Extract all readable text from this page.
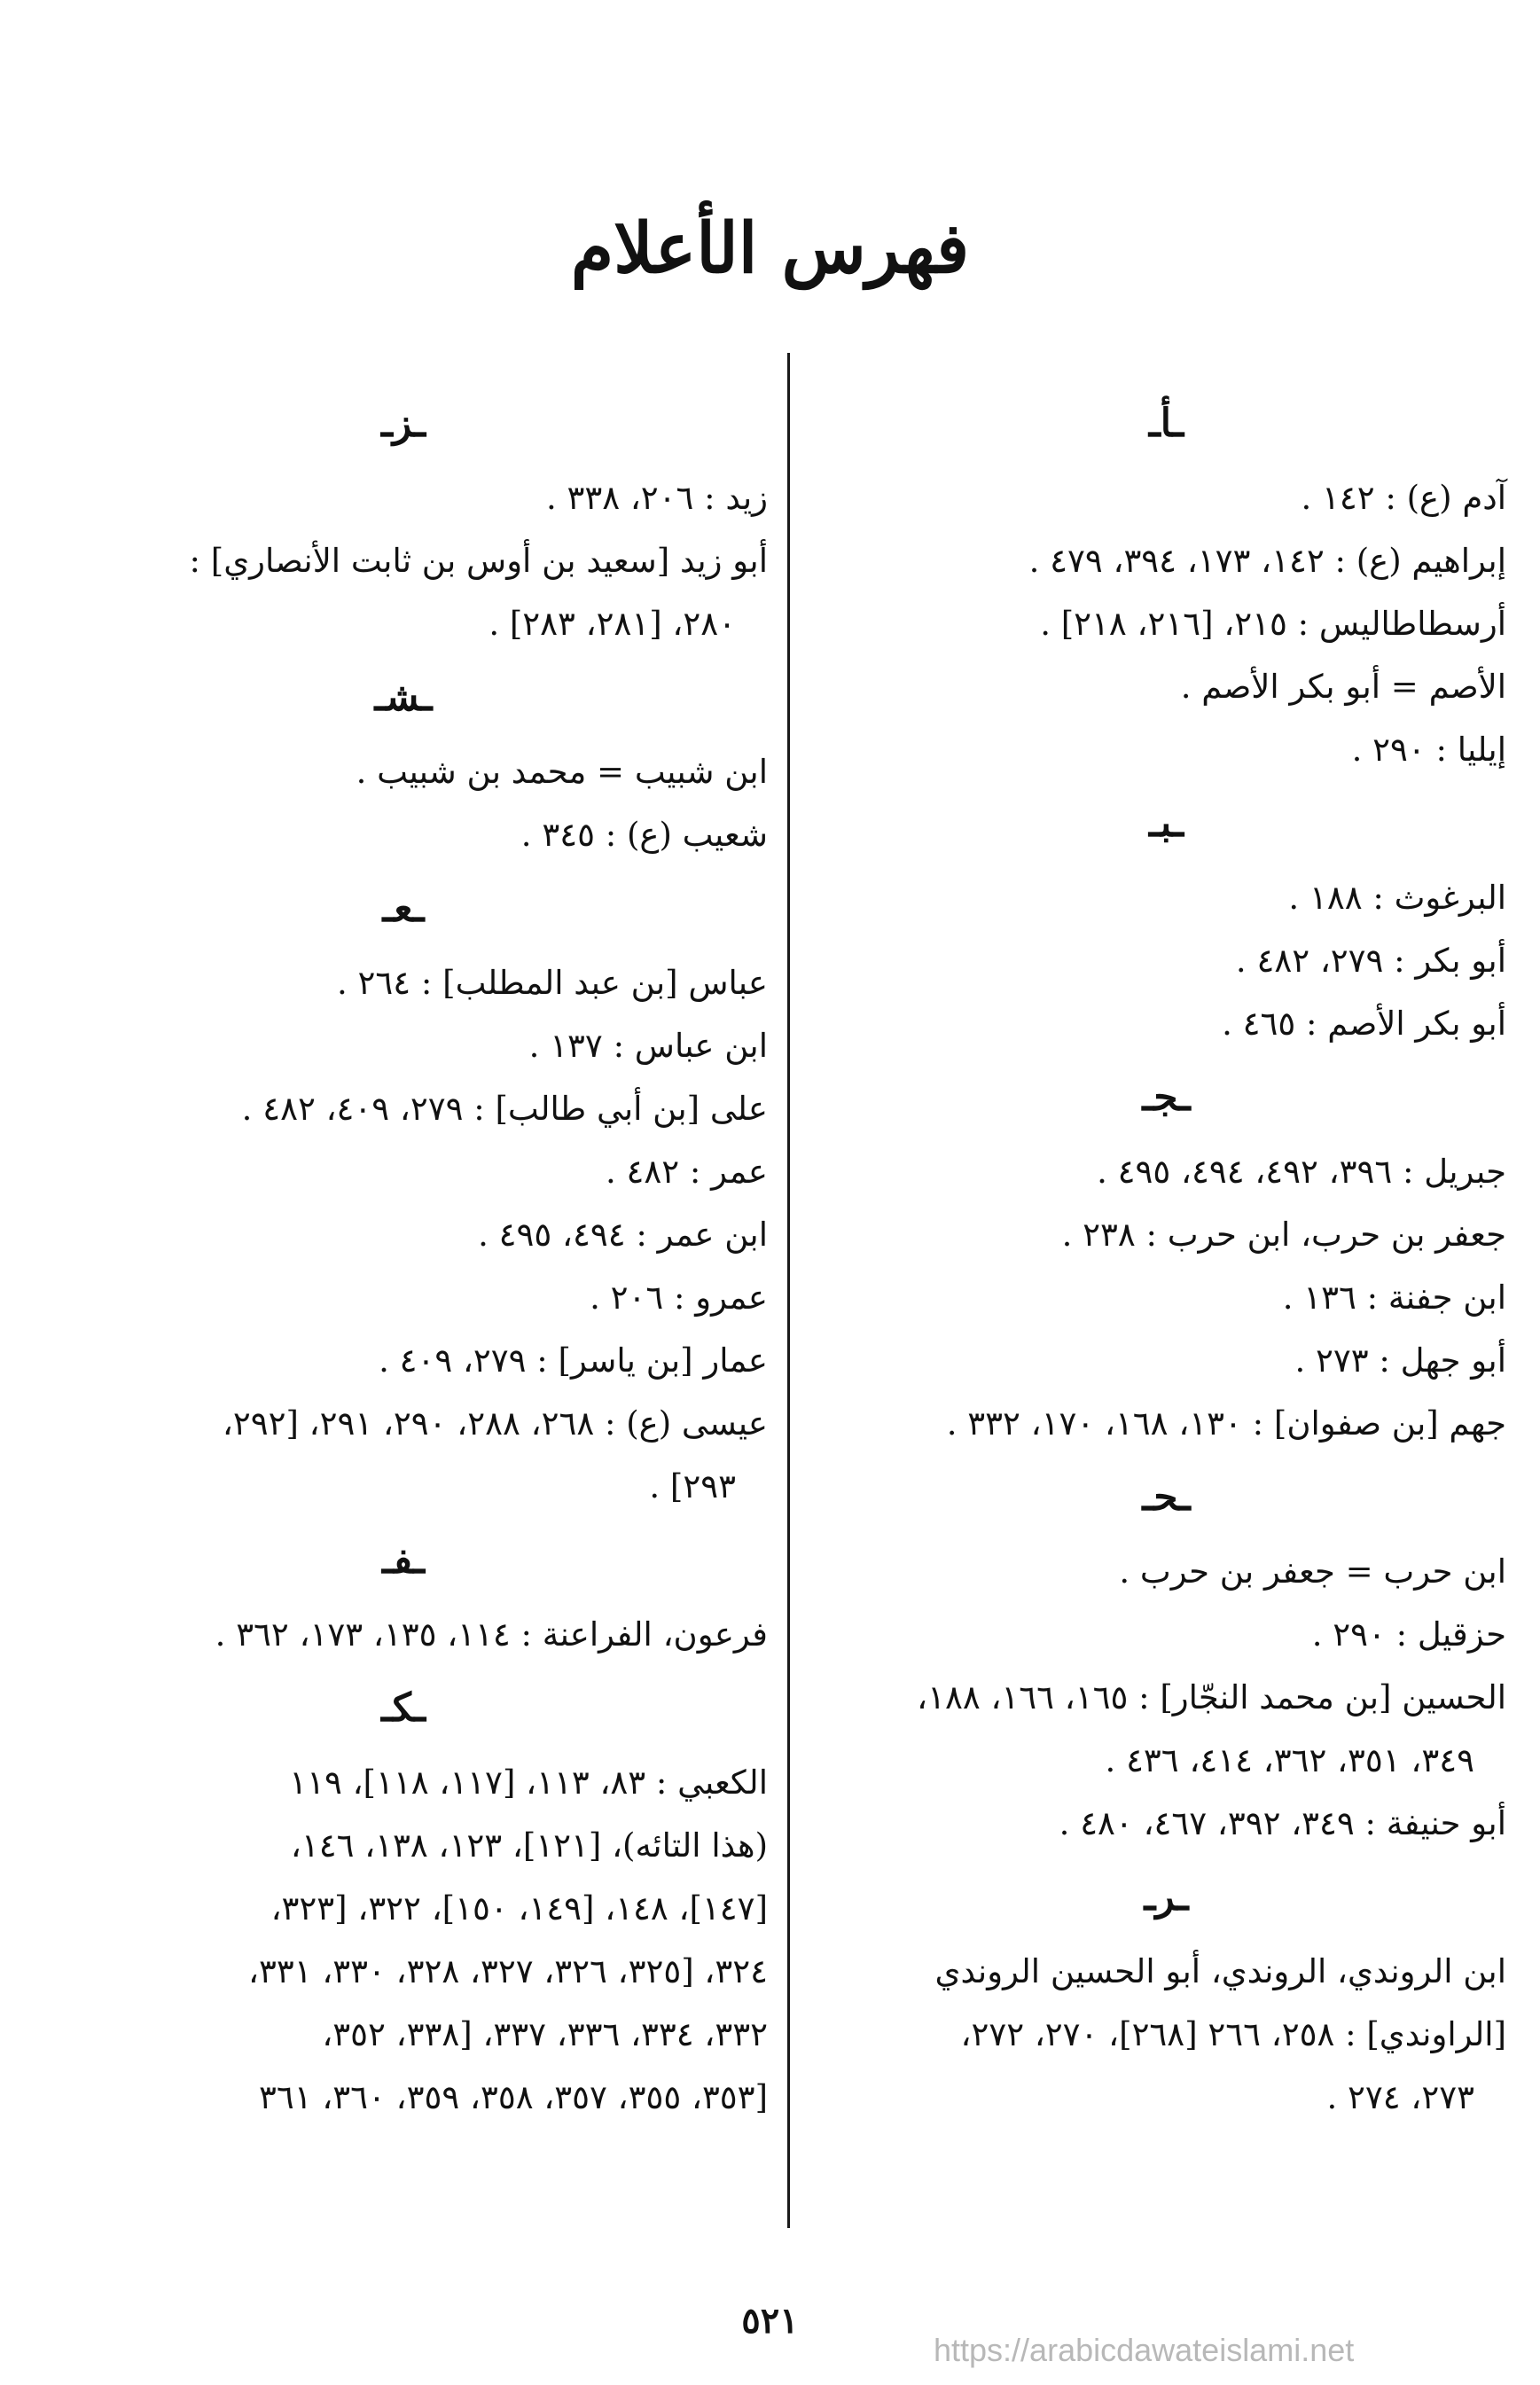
فهرس الأعلام
ـأـ
آدم (ع) : ١٤٢ .
إبراهيم (ع) : ١٤٢، ١٧٣، ٣٩٤، ٤٧٩ .
أرسطاطاليس : ٢١٥، [٢١٦، ٢١٨] .
الأصم = أبو بكر الأصم .
إيليا : ٢٩٠ .
ـبـ
البرغوث : ١٨٨ .
أبو بكر : ٢٧٩، ٤٨٢ .
أبو بكر الأصم : ٤٦٥ .
ـجـ
جبريل : ٣٩٦، ٤٩٢، ٤٩٤، ٤٩٥ .
جعفر بن حرب، ابن حرب : ٢٣٨ .
ابن جفنة : ١٣٦ .
أبو جهل : ٢٧٣ .
جهم [بن صفوان] : ١٣٠، ١٦٨، ١٧٠، ٣٣٢ .
ـحـ
ابن حرب = جعفر بن حرب .
حزقيل : ٢٩٠ .
الحسين [بن محمد النجّار] : ١٦٥، ١٦٦، ١٨٨،
٣٤٩، ٣٥١، ٣٦٢، ٤١٤، ٤٣٦ .
أبو حنيفة : ٣٤٩، ٣٩٢، ٤٦٧، ٤٨٠ .
ـرـ
ابن الروندي، الروندي، أبو الحسين الروندي
[الراوندي] : ٢٥٨، ٢٦٦ [٢٦٨]، ٢٧٠، ٢٧٢،
٢٧٣، ٢٧٤ .
ـزـ
زيد : ٢٠٦، ٣٣٨ .
أبو زيد [سعيد بن أوس بن ثابت الأنصاري] :
٢٨٠، [٢٨١، ٢٨٣] .
ـشـ
ابن شبيب = محمد بن شبيب .
شعيب (ع) : ٣٤٥ .
ـعـ
عباس [بن عبد المطلب] : ٢٦٤ .
ابن عباس : ١٣٧ .
على [بن أبي طالب] : ٢٧٩، ٤٠٩، ٤٨٢ .
عمر : ٤٨٢ .
ابن عمر : ٤٩٤، ٤٩٥ .
عمرو : ٢٠٦ .
عمار [بن ياسر] : ٢٧٩، ٤٠٩ .
عيسى (ع) : ٢٦٨، ٢٨٨، ٢٩٠، ٢٩١، [٢٩٢،
٢٩٣] .
ـفـ
فرعون، الفراعنة : ١١٤، ١٣٥، ١٧٣، ٣٦٢ .
ـكـ
الكعبي : ٨٣، ١١٣، [١١٧، ١١٨]، ١١٩
(هذا التائه)، [١٢١]، ١٢٣، ١٣٨، ١٤٦،
[١٤٧]، ١٤٨، [١٤٩، ١٥٠]، ٣٢٢، [٣٢٣،
٣٢٤، [٣٢٥، ٣٢٦، ٣٢٧، ٣٢٨، ٣٣٠، ٣٣١،
٣٣٢، ٣٣٤، ٣٣٦، ٣٣٧، [٣٣٨، ٣٥٢،
[٣٥٣، ٣٥٥، ٣٥٧، ٣٥٨، ٣٥٩، ٣٦٠، ٣٦١
٥٢١
https://arabicdawateislami.net
